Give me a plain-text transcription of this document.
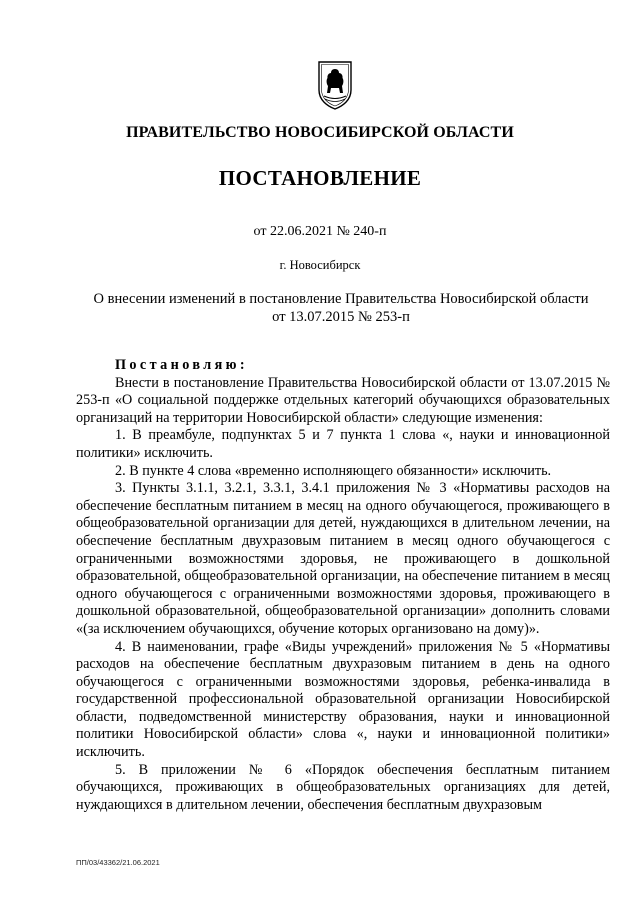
ПРАВИТЕЛЬСТВО НОВОСИБИРСКОЙ ОБЛАСТИ
ПОСТАНОВЛЕНИЕ
от 22.06.2021 № 240-п
г. Новосибирск
О внесении изменений в постановление Правительства Новосибирской области
от 13.07.2015 № 253-п

Постановляю:

Внести в постановление Правительства Новосибирской области от 13.07.2015 № 253-п «О социальной поддержке отдельных категорий обучающихся образовательных организаций на территории Новосибирской области» следующие изменения:

1. В преамбуле, подпунктах 5 и 7 пункта 1 слова «, науки и инновационной политики» исключить.

2. В пункте 4 слова «временно исполняющего обязанности» исключить.

3. Пункты 3.1.1, 3.2.1, 3.3.1, 3.4.1 приложения № 3 «Нормативы расходов на обеспечение бесплатным питанием в месяц на одного обучающегося, проживающего в общеобразовательной организации для детей, нуждающихся в длительном лечении, на обеспечение бесплатным двухразовым питанием в месяц одного обучающегося с ограниченными возможностями здоровья, не проживающего в дошкольной образовательной, общеобразовательной организации, на обеспечение питанием в месяц одного обучающегося с ограниченными возможностями здоровья, проживающего в дошкольной образовательной, общеобразовательной организации» дополнить словами «(за исключением обучающихся, обучение которых организовано на дому)».

4. В наименовании, графе «Виды учреждений» приложения № 5 «Нормативы расходов на обеспечение бесплатным двухразовым питанием в день на одного обучающегося с ограниченными возможностями здоровья, ребенка-инвалида в государственной профессиональной образовательной организации Новосибирской области, подведомственной министерству образования, науки и инновационной политики Новосибирской области» слова «, науки и инновационной политики» исключить.

5. В приложении № 6 «Порядок обеспечения бесплатным питанием обучающихся, проживающих в общеобразовательных организациях для детей, нуждающихся в длительном лечении, обеспечения бесплатным двухразовым

ПП/03/43362/21.06.2021
